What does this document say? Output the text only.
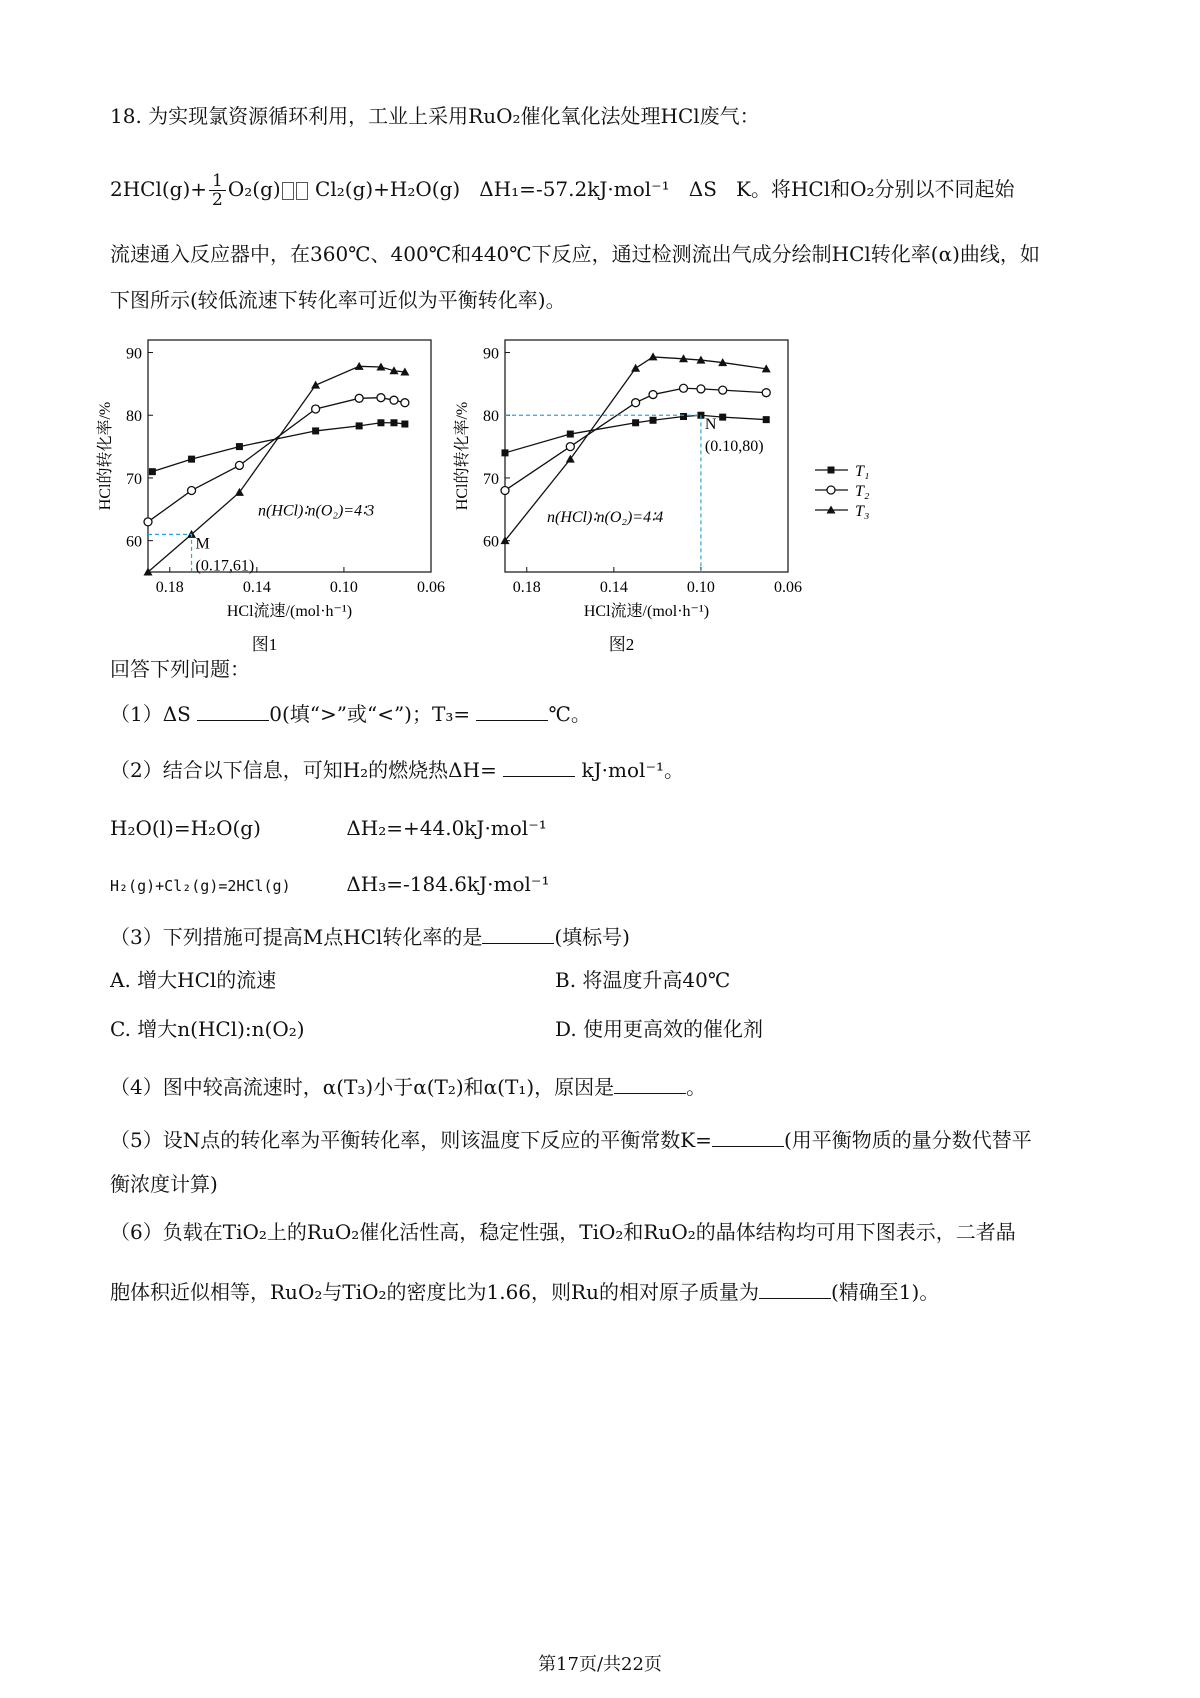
18. 为实现氯资源循环利用，工业上采用RuO₂催化氧化法处理HCl废气：
$2HCl(g)+ \frac{1}{2} O_2(g)$ Cl₂(g)+H₂O(g) ΔH₁=-57.2kJ·mol⁻¹ ΔS K。将HCl和O₂分别以不同起始
流速通入反应器中，在360℃、400℃和440℃下反应，通过检测流出气成分绘制HCl转化率(α)曲线，如
下图所示(较低流速下转化率可近似为平衡转化率)。
0.18	0.14	0.10	0.06
60
70
80
90
HCl流速/(mol·h⁻¹)
HCl的转化率/%
图1
M
(0.17,61)
n(HCl)∶n(O₂)=4∶3
0.18	0.14	0.10	0.06
60
70
80
90
HCl流速/(mol·h⁻¹)
HCl的转化率/%
图2
N
(0.10,80)
n(HCl)∶n(O₂)=4∶4
T₁
T₂
T₃
回答下列问题：
（1）ΔS	0(填“>”或“<”)；T₃=	℃。
（2）结合以下信息，可知H₂的燃烧热ΔH=	kJ·mol⁻¹。
H₂O(l)=H₂O(g)	ΔH₂=+44.0kJ·mol⁻¹
H₂(g)+Cl₂(g)=2HCl(g)	ΔH₃=-184.6kJ·mol⁻¹
（3）下列措施可提高M点HCl转化率的是	(填标号)
A. 增大HCl的流速	B. 将温度升高40℃
C. 增大n(HCl):n(O₂)	D. 使用更高效的催化剂
（4）图中较高流速时，α(T₃)小于α(T₂)和α(T₁)，原因是	。
（5）设N点的转化率为平衡转化率，则该温度下反应的平衡常数K=	(用平衡物质的量分数代替平
衡浓度计算)
（6）负载在TiO₂上的RuO₂催化活性高，稳定性强，TiO₂和RuO₂的晶体结构均可用下图表示，二者晶
胞体积近似相等，RuO₂与TiO₂的密度比为1.66，则Ru的相对原子质量为	(精确至1)。
第17页/共22页
